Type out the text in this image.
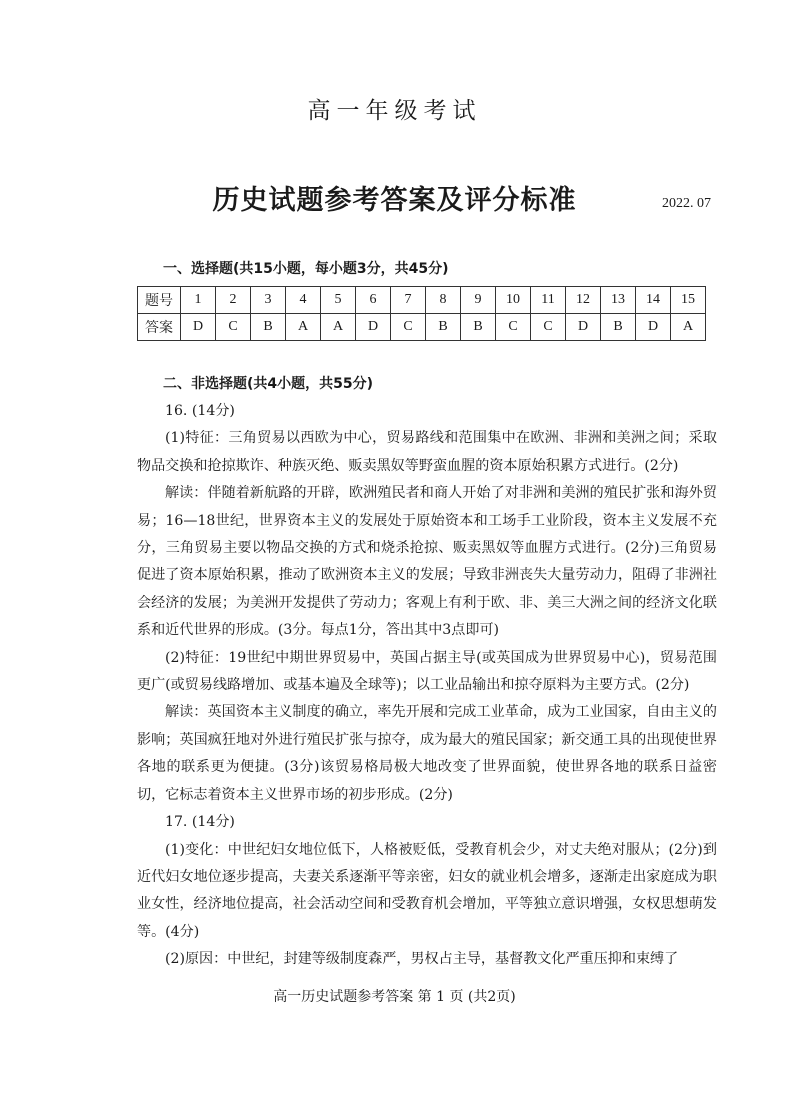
高一年级考试
历史试题参考答案及评分标准	2022. 07
一、选择题(共15小题，每小题3分，共45分)
题号	1	2	3	4	5	6	7	8	9	10	11	12	13	14	15
答案	D	C	B	A	A	D	C	B	B	C	C	D	B	D	A
二、非选择题(共4小题，共55分)

16. (14分)

(1)特征：三角贸易以西欧为中心，贸易路线和范围集中在欧洲、非洲和美洲之间；采取物品交换和抢掠欺诈、种族灭绝、贩卖黑奴等野蛮血腥的资本原始积累方式进行。(2分)

解读：伴随着新航路的开辟，欧洲殖民者和商人开始了对非洲和美洲的殖民扩张和海外贸易；16—18世纪，世界资本主义的发展处于原始资本和工场手工业阶段，资本主义发展不充分，三角贸易主要以物品交换的方式和烧杀抢掠、贩卖黑奴等血腥方式进行。(2分)三角贸易促进了资本原始积累，推动了欧洲资本主义的发展；导致非洲丧失大量劳动力，阻碍了非洲社会经济的发展；为美洲开发提供了劳动力；客观上有利于欧、非、美三大洲之间的经济文化联系和近代世界的形成。(3分。每点1分，答出其中3点即可)

(2)特征：19世纪中期世界贸易中，英国占据主导(或英国成为世界贸易中心)，贸易范围更广(或贸易线路增加、或基本遍及全球等)；以工业品输出和掠夺原料为主要方式。(2分)

解读：英国资本主义制度的确立，率先开展和完成工业革命，成为工业国家，自由主义的影响；英国疯狂地对外进行殖民扩张与掠夺，成为最大的殖民国家；新交通工具的出现使世界各地的联系更为便捷。(3分)该贸易格局极大地改变了世界面貌，使世界各地的联系日益密切，它标志着资本主义世界市场的初步形成。(2分)

17. (14分)

(1)变化：中世纪妇女地位低下，人格被贬低，受教育机会少，对丈夫绝对服从；(2分)到近代妇女地位逐步提高，夫妻关系逐渐平等亲密，妇女的就业机会增多，逐渐走出家庭成为职业女性，经济地位提高，社会活动空间和受教育机会增加，平等独立意识增强，女权思想萌发等。(4分)

(2)原因：中世纪，封建等级制度森严，男权占主导，基督教文化严重压抑和束缚了

高一历史试题参考答案 第 1 页 (共2页)
